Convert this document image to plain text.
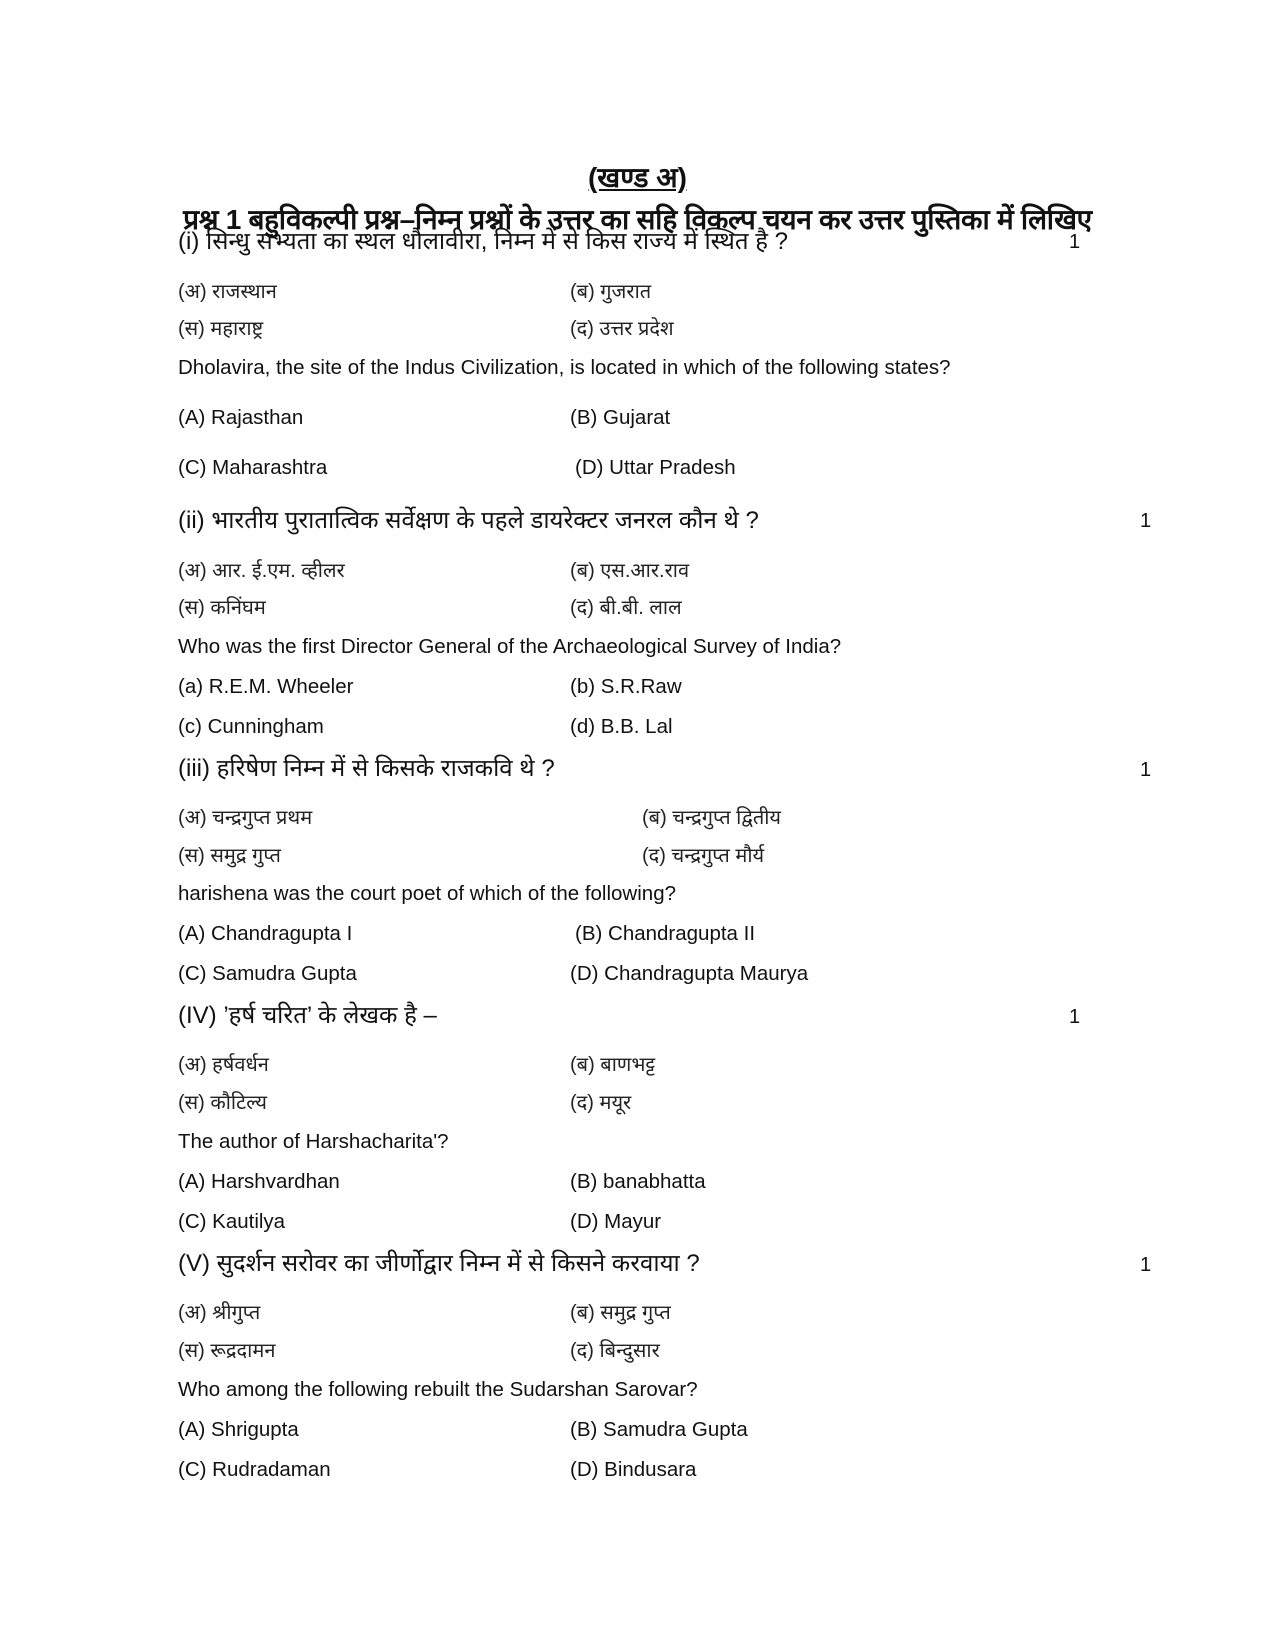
(खण्ड अ)
प्रश्न 1 बहुविकल्पी प्रश्न–निम्न प्रश्नों के उत्तर का सहि विकल्प चयन कर उत्तर पुस्तिका में लिखिए
(i) सिन्धु सभ्यता का स्थल धौलावीरा, निम्न में से किस राज्य में स्थित है ?	1
(अ) राजस्थान	(ब) गुजरात
(स) महाराष्ट्र	(द) उत्तर प्रदेश
Dholavira, the site of the Indus Civilization, is located in which of the following states?
(A) Rajasthan	(B) Gujarat
(C) Maharashtra	(D) Uttar Pradesh
(ii) भारतीय पुरातात्विक सर्वेक्षण के पहले डायरेक्टर जनरल कौन थे ?	1
(अ) आर. ई.एम. व्हीलर	(ब) एस.आर.राव
(स) कनिंघम	(द) बी.बी. लाल
Who was the first Director General of the Archaeological Survey of India?
(a) R.E.M. Wheeler	(b) S.R.Raw
(c) Cunningham	(d) B.B. Lal
(iii) हरिषेण निम्न में से किसके राजकवि थे ?	1
(अ) चन्द्रगुप्त प्रथम	(ब) चन्द्रगुप्त द्वितीय
(स) समुद्र गुप्त	(द) चन्द्रगुप्त मौर्य
harishena was the court poet of which of the following?
(A) Chandragupta I	(B) Chandragupta II
(C) Samudra Gupta	(D) Chandragupta Maurya
(IV) ’हर्ष चरित’ के लेखक है –	1
(अ) हर्षवर्धन	(ब) बाणभट्ट
(स) कौटिल्य	(द) मयूर
The author of Harshacharita'?
(A) Harshvardhan	(B) banabhatta
(C) Kautilya	(D) Mayur
(V) सुदर्शन सरोवर का जीर्णोद्वार निम्न में से किसने करवाया ?	1
(अ) श्रीगुप्त	(ब) समुद्र गुप्त
(स) रूद्रदामन	(द) बिन्दुसार
Who among the following rebuilt the Sudarshan Sarovar?
(A) Shrigupta	(B) Samudra Gupta
(C) Rudradaman	(D) Bindusara
